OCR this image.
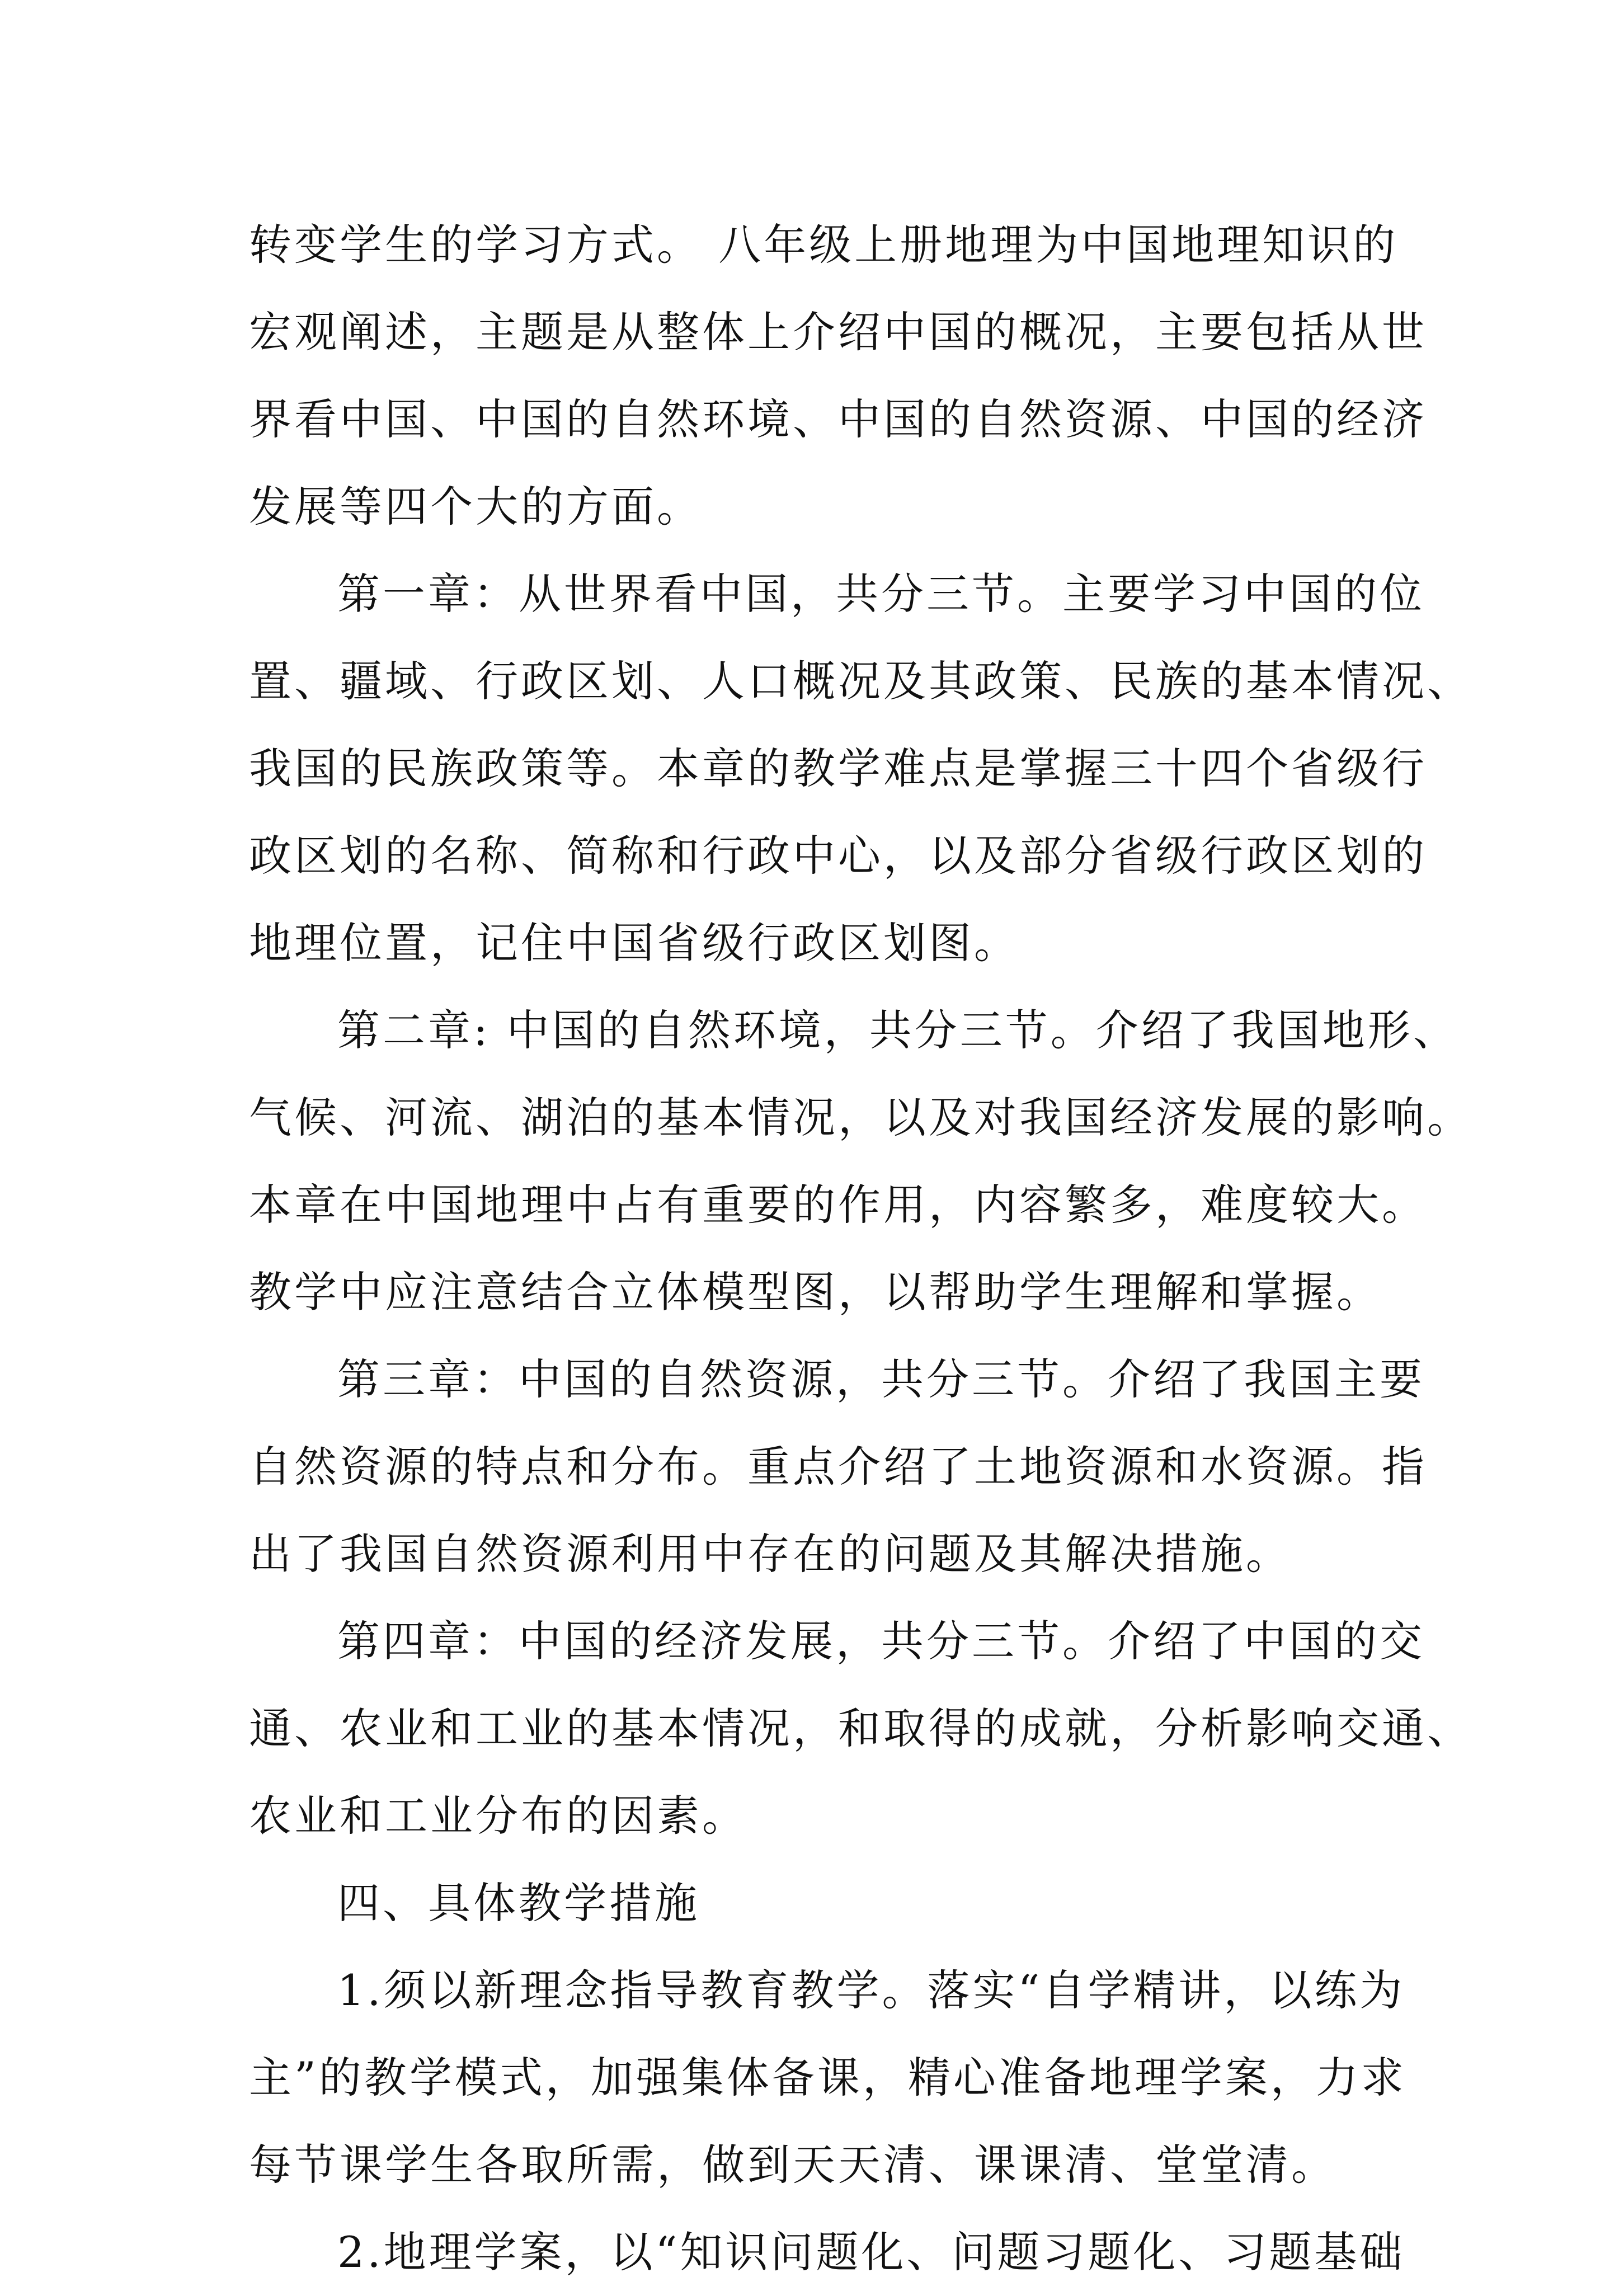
转变学生的学习方式。 八年级上册地理为中国地理知识的
宏观阐述，主题是从整体上介绍中国的概况，主要包括从世
界看中国、中国的自然环境、中国的自然资源、中国的经济
发展等四个大的方面。
第一章：从世界看中国，共分三节。主要学习中国的位
置、疆域、行政区划、人口概况及其政策、民族的基本情况、
我国的民族政策等。本章的教学难点是掌握三十四个省级行
政区划的名称、简称和行政中心，以及部分省级行政区划的
地理位置，记住中国省级行政区划图。
第二章: 中国的自然环境，共分三节。介绍了我国地形、
气候、河流、湖泊的基本情况，以及对我国经济发展的影响。
本章在中国地理中占有重要的作用，内容繁多，难度较大。
教学中应注意结合立体模型图，以帮助学生理解和掌握。
第三章：中国的自然资源，共分三节。介绍了我国主要
自然资源的特点和分布。重点介绍了土地资源和水资源。指
出了我国自然资源利用中存在的问题及其解决措施。
第四章：中国的经济发展，共分三节。介绍了中国的交
通、农业和工业的基本情况，和取得的成就，分析影响交通、
农业和工业分布的因素。
四、具体教学措施
1.须以新理念指导教育教学。落实“自学精讲，以练为
主”的教学模式，加强集体备课，精心准备地理学案，力求
每节课学生各取所需，做到天天清、课课清、堂堂清。
2.地理学案，以“知识问题化、问题习题化、习题基础
